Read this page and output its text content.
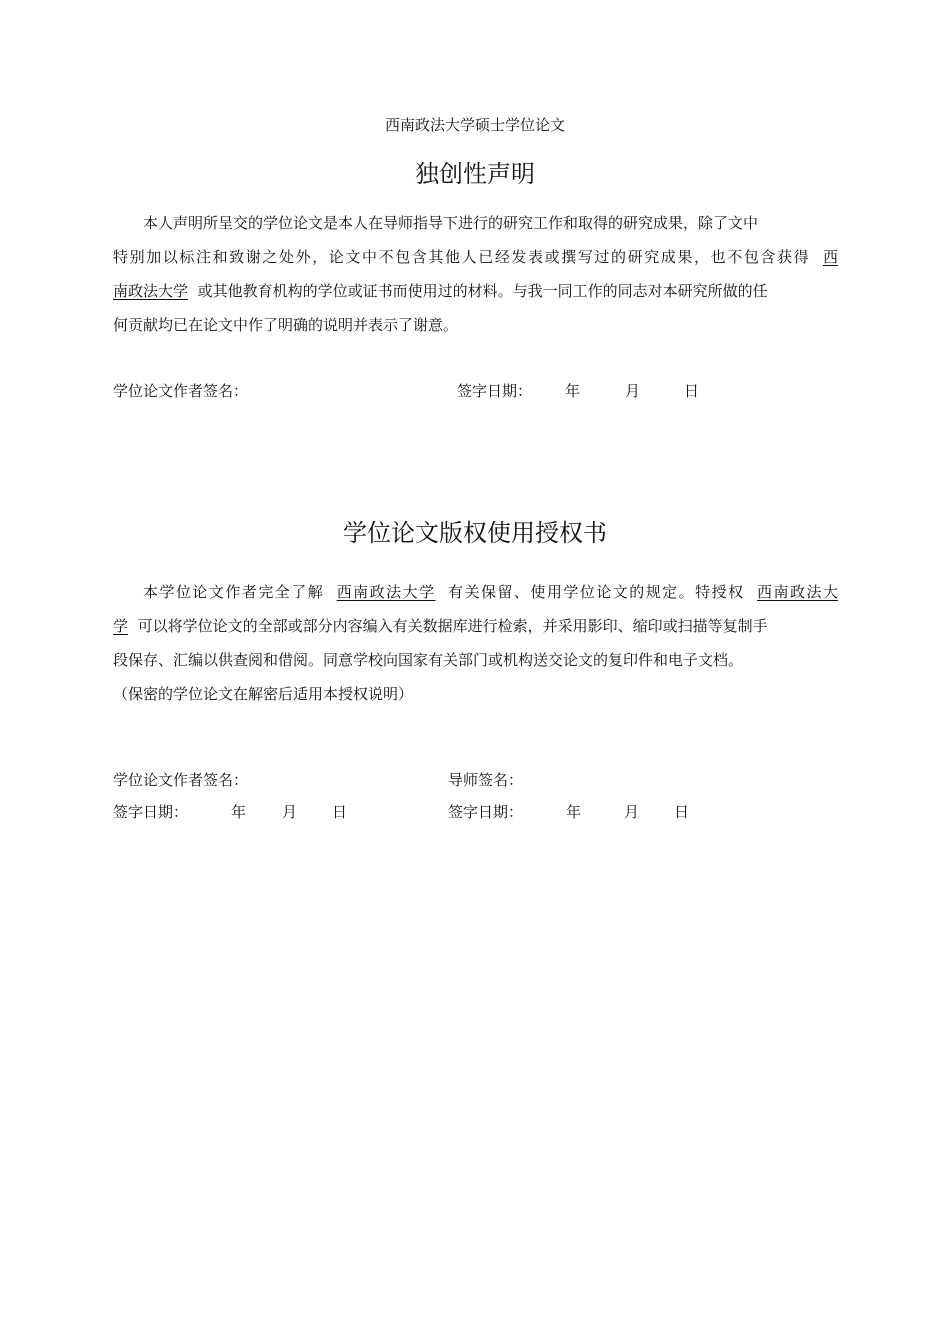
西南政法大学硕士学位论文
独创性声明
本人声明所呈交的学位论文是本人在导师指导下进行的研究工作和取得的研究成果，除了文中
特别加以标注和致谢之处外，论文中不包含其他人已经发表或撰写过的研究成果，也不包含获得 西
南政法大学 或其他教育机构的学位或证书而使用过的材料。与我一同工作的同志对本研究所做的任
何贡献均已在论文中作了明确的说明并表示了谢意。
学位论文作者签名：	签字日期： 年	月	日
学位论文版权使用授权书
本学位论文作者完全了解 西南政法大学 有关保留、使用学位论文的规定。特授权 西南政法大
学 可以将学位论文的全部或部分内容编入有关数据库进行检索，并采用影印、缩印或扫描等复制手
段保存、汇编以供查阅和借阅。同意学校向国家有关部门或机构送交论文的复印件和电子文档。
（保密的学位论文在解密后适用本授权说明）
学位论文作者签名：	导师签名：
签字日期：	年 月 日	签字日期：	年	月 日
